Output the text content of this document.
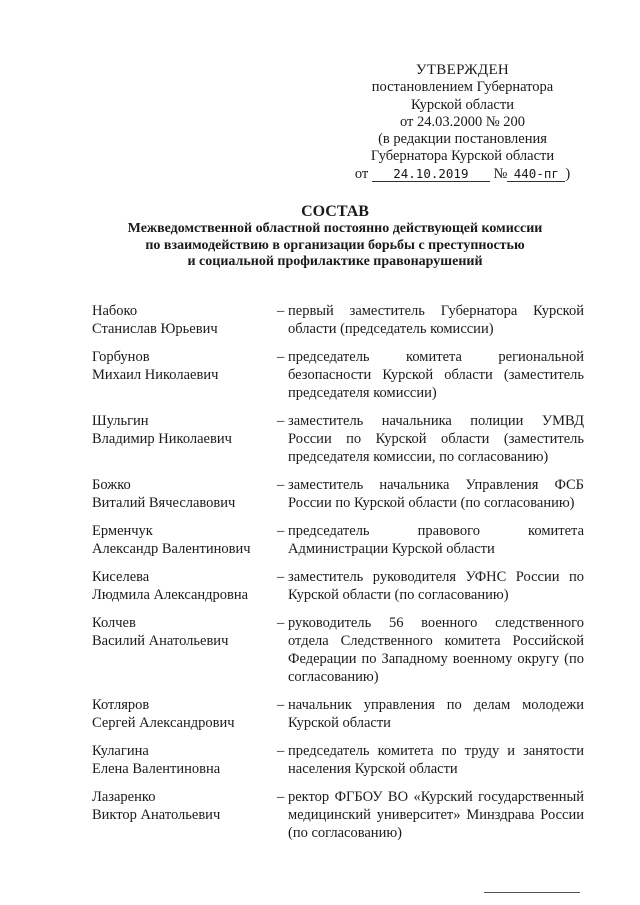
УТВЕРЖДЕН
постановлением Губернатора
Курской области
от 24.03.2000 № 200
(в редакции постановления
Губернатора Курской области
от 24.10.2019 № 440-пг )
СОСТАВ
Межведомственной областной постоянно действующей комиссии
по взаимодействию в организации борьбы с преступностью
и социальной профилактике правонарушений
Набоко
Станислав Юрьевич
– первый заместитель Губернатора Курской области (председатель комиссии)
Горбунов
Михаил Николаевич
– председатель комитета региональной безопасности Курской области (заместитель председателя комиссии)
Шульгин
Владимир Николаевич
– заместитель начальника полиции УМВД России по Курской области (заместитель председателя комиссии, по согласованию)
Божко
Виталий Вячеславович
– заместитель начальника Управления ФСБ России по Курской области (по согласованию)
Ерменчук
Александр Валентинович
– председатель правового комитета Администрации Курской области
Киселева
Людмила Александровна
– заместитель руководителя УФНС России по Курской области (по согласованию)
Колчев
Василий Анатольевич
– руководитель 56 военного следственного отдела Следственного комитета Российской Федерации по Западному военному округу (по согласованию)
Котляров
Сергей Александрович
– начальник управления по делам молодежи Курской области
Кулагина
Елена Валентиновна
– председатель комитета по труду и занятости населения Курской области
Лазаренко
Виктор Анатольевич
– ректор ФГБОУ ВО «Курский государственный медицинский университет» Минздрава России (по согласованию)
